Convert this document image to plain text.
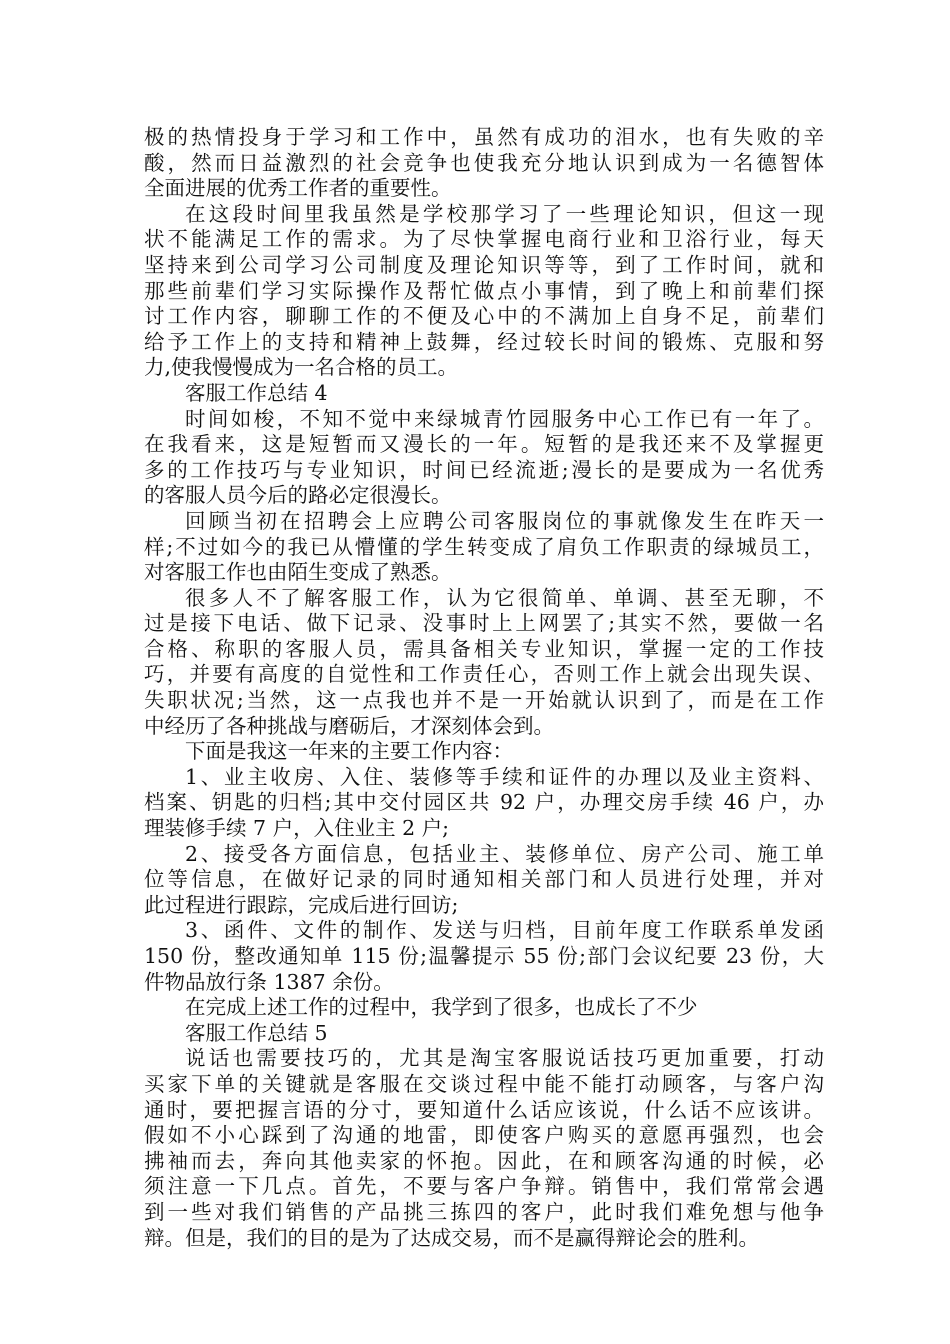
极的热情投身于学习和工作中，虽然有成功的泪水，也有失败的辛
酸，然而日益激烈的社会竞争也使我充分地认识到成为一名德智体
全面进展的优秀工作者的重要性。

在这段时间里我虽然是学校那学习了一些理论知识，但这一现
状不能满足工作的需求。为了尽快掌握电商行业和卫浴行业，每天
坚持来到公司学习公司制度及理论知识等等，到了工作时间，就和
那些前辈们学习实际操作及帮忙做点小事情，到了晚上和前辈们探
讨工作内容，聊聊工作的不便及心中的不满加上自身不足，前辈们
给予工作上的支持和精神上鼓舞，经过较长时间的锻炼、克服和努
力,使我慢慢成为一名合格的员工。

客服工作总结 4

时间如梭，不知不觉中来绿城青竹园服务中心工作已有一年了。
在我看来，这是短暂而又漫长的一年。短暂的是我还来不及掌握更
多的工作技巧与专业知识，时间已经流逝;漫长的是要成为一名优秀
的客服人员今后的路必定很漫长。

回顾当初在招聘会上应聘公司客服岗位的事就像发生在昨天一
样;不过如今的我已从懵懂的学生转变成了肩负工作职责的绿城员工，
对客服工作也由陌生变成了熟悉。

很多人不了解客服工作，认为它很简单、单调、甚至无聊，不
过是接下电话、做下记录、没事时上上网罢了;其实不然，要做一名
合格、称职的客服人员，需具备相关专业知识，掌握一定的工作技
巧，并要有高度的自觉性和工作责任心，否则工作上就会出现失误、
失职状况;当然，这一点我也并不是一开始就认识到了，而是在工作
中经历了各种挑战与磨砺后，才深刻体会到。

下面是我这一年来的主要工作内容：

1、业主收房、入住、装修等手续和证件的办理以及业主资料、
档案、钥匙的归档;其中交付园区共 92 户，办理交房手续 46 户，办
理装修手续 7 户，入住业主 2 户;

2、接受各方面信息，包括业主、装修单位、房产公司、施工单
位等信息，在做好记录的同时通知相关部门和人员进行处理，并对
此过程进行跟踪，完成后进行回访;

3、函件、文件的制作、发送与归档，目前年度工作联系单发函
150 份，整改通知单 115 份;温馨提示 55 份;部门会议纪要 23 份，大
件物品放行条 1387 余份。

在完成上述工作的过程中，我学到了很多，也成长了不少

客服工作总结 5

说话也需要技巧的，尤其是淘宝客服说话技巧更加重要，打动
买家下单的关键就是客服在交谈过程中能不能打动顾客，与客户沟
通时，要把握言语的分寸，要知道什么话应该说，什么话不应该讲。
假如不小心踩到了沟通的地雷，即使客户购买的意愿再强烈，也会
拂袖而去，奔向其他卖家的怀抱。因此，在和顾客沟通的时候，必
须注意一下几点。首先，不要与客户争辩。销售中，我们常常会遇
到一些对我们销售的产品挑三拣四的客户，此时我们难免想与他争
辩。但是，我们的目的是为了达成交易，而不是赢得辩论会的胜利。
